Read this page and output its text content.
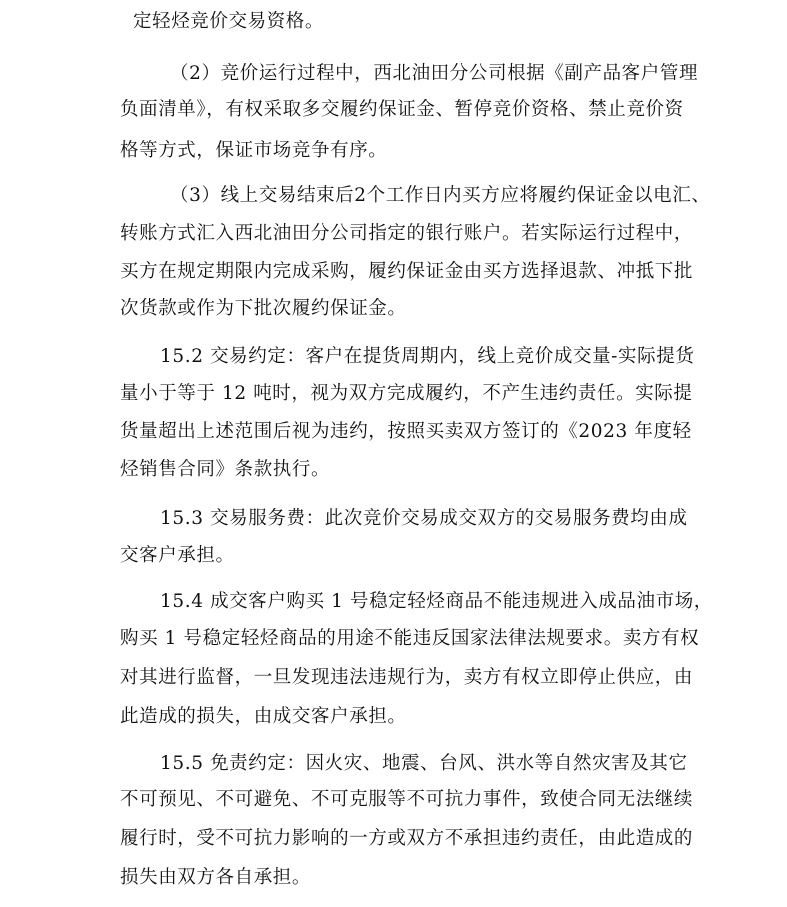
定轻烃竞价交易资格。
（2）竞价运行过程中，西北油田分公司根据《副产品客户管理
负面清单》，有权采取多交履约保证金、暂停竞价资格、禁止竞价资
格等方式，保证市场竞争有序。
（3）线上交易结束后2个工作日内买方应将履约保证金以电汇、
转账方式汇入西北油田分公司指定的银行账户。若实际运行过程中，
买方在规定期限内完成采购，履约保证金由买方选择退款、冲抵下批
次货款或作为下批次履约保证金。
15.2 交易约定：客户在提货周期内，线上竞价成交量-实际提货
量小于等于 12 吨时，视为双方完成履约，不产生违约责任。实际提
货量超出上述范围后视为违约，按照买卖双方签订的《2023 年度轻
烃销售合同》条款执行。
15.3 交易服务费：此次竞价交易成交双方的交易服务费均由成
交客户承担。
15.4 成交客户购买 1 号稳定轻烃商品不能违规进入成品油市场，
购买 1 号稳定轻烃商品的用途不能违反国家法律法规要求。卖方有权
对其进行监督，一旦发现违法违规行为，卖方有权立即停止供应，由
此造成的损失，由成交客户承担。
15.5 免责约定：因火灾、地震、台风、洪水等自然灾害及其它
不可预见、不可避免、不可克服等不可抗力事件，致使合同无法继续
履行时，受不可抗力影响的一方或双方不承担违约责任，由此造成的
损失由双方各自承担。
